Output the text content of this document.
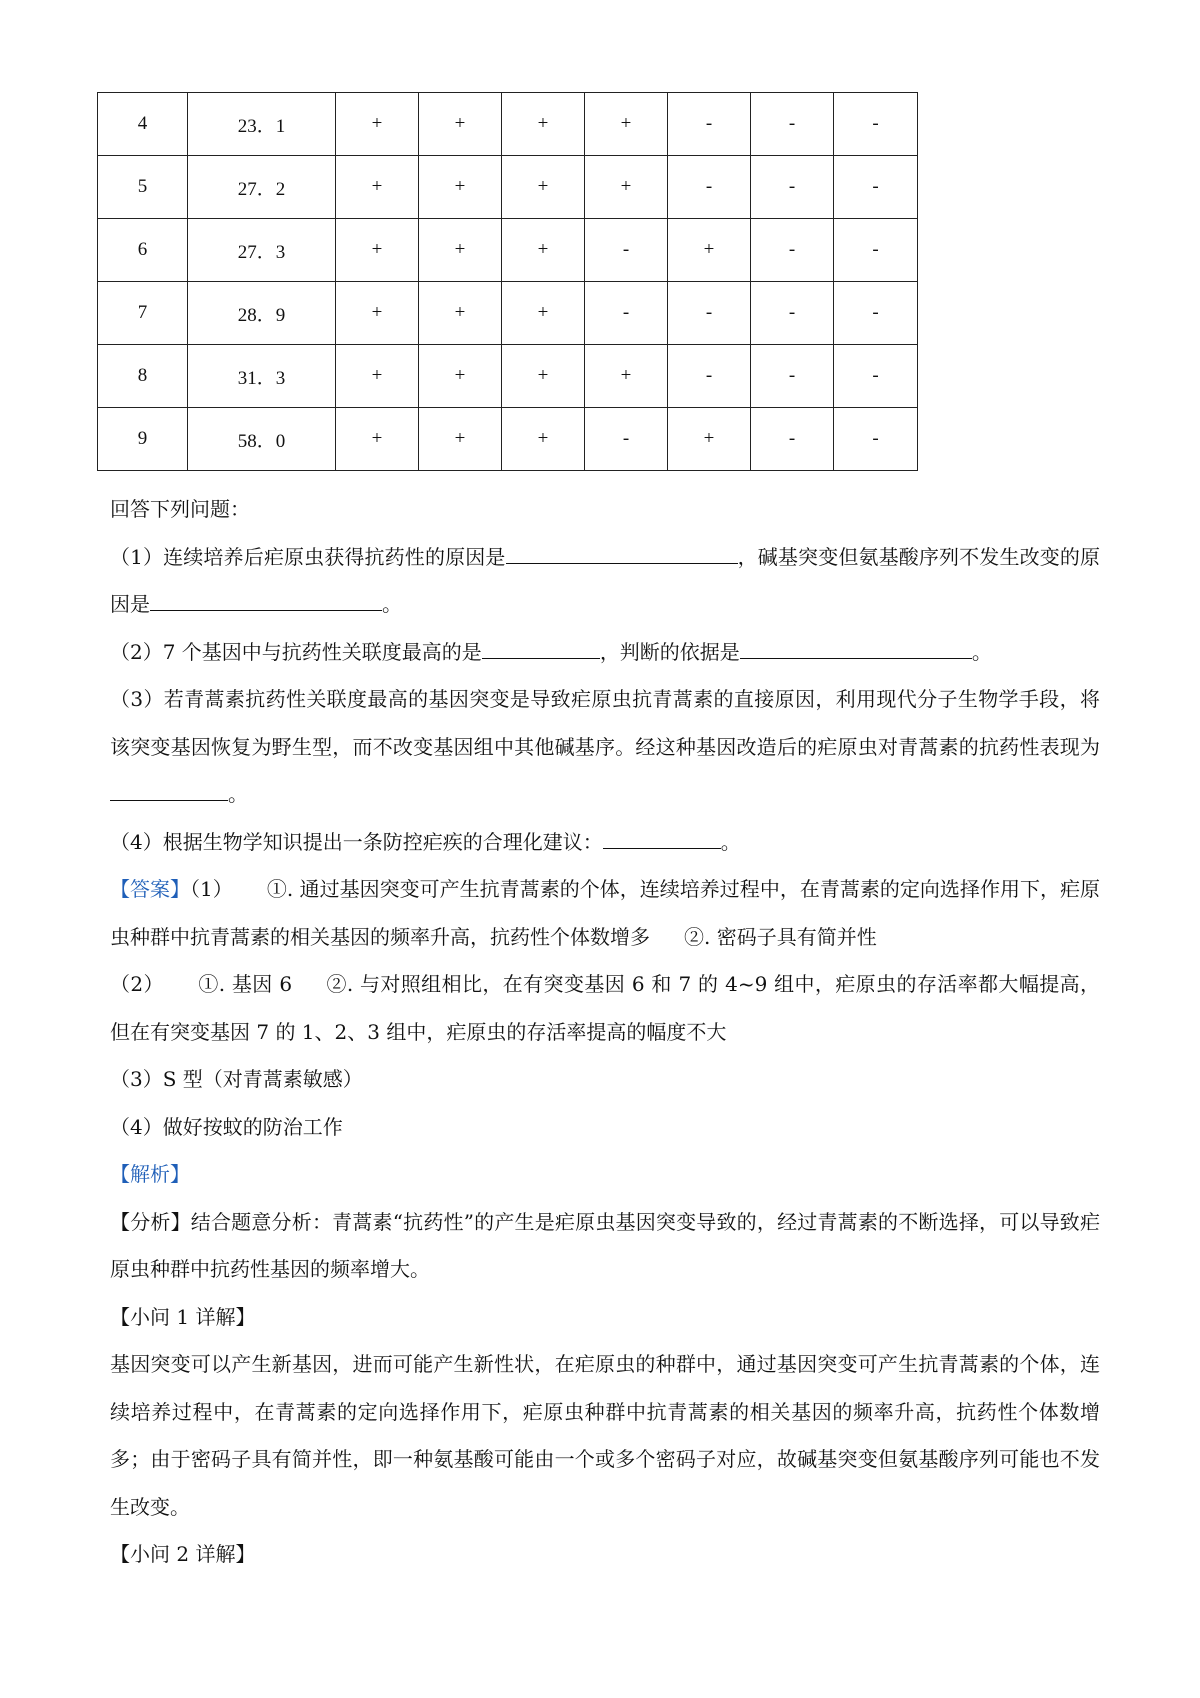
4	23．1	+	+	+	+	-	-	-
5	27．2	+	+	+	+	-	-	-
6	27．3	+	+	+	-	+	-	-
7	28．9	+	+	+	-	-	-	-
8	31．3	+	+	+	+	-	-	-
9	58．0	+	+	+	-	+	-	-

回答下列问题：

（1）连续培养后疟原虫获得抗药性的原因是	，碱基突变但氨基酸序列不发生改变的原因是	。

（2）7 个基因中与抗药性关联度最高的是	，判断的依据是	。

（3）若青蒿素抗药性关联度最高的基因突变是导致疟原虫抗青蒿素的直接原因，利用现代分子生物学手段，将该突变基因恢复为野生型，而不改变基因组中其他碱基序。经这种基因改造后的疟原虫对青蒿素的抗药性表现为。

（4）根据生物学知识提出一条防控疟疾的合理化建议：	。

【答案】（1） ①. 通过基因突变可产生抗青蒿素的个体，连续培养过程中，在青蒿素的定向选择作用下，疟原虫种群中抗青蒿素的相关基因的频率升高，抗药性个体数增多 ②. 密码子具有简并性

（2） ①. 基因 6 ②. 与对照组相比，在有突变基因 6 和 7 的 4~9 组中，疟原虫的存活率都大幅提高，但在有突变基因 7 的 1、2、3 组中，疟原虫的存活率提高的幅度不大

（3）S 型（对青蒿素敏感）

（4）做好按蚊的防治工作

【解析】

【分析】结合题意分析：青蒿素“抗药性”的产生是疟原虫基因突变导致的，经过青蒿素的不断选择，可以导致疟原虫种群中抗药性基因的频率增大。

【小问 1 详解】

基因突变可以产生新基因，进而可能产生新性状，在疟原虫的种群中，通过基因突变可产生抗青蒿素的个体，连续培养过程中，在青蒿素的定向选择作用下，疟原虫种群中抗青蒿素的相关基因的频率升高，抗药性个体数增多；由于密码子具有简并性，即一种氨基酸可能由一个或多个密码子对应，故碱基突变但氨基酸序列可能也不发生改变。

【小问 2 详解】
